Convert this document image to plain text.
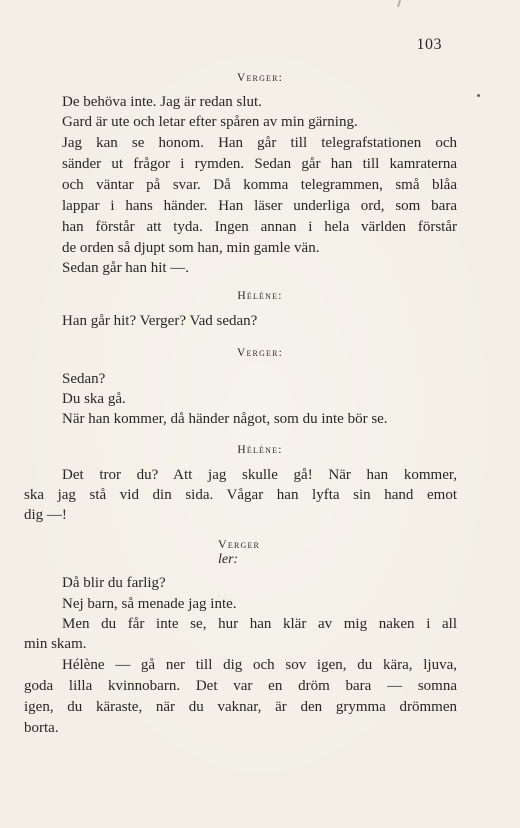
103
Verger:
De behöva inte. Jag är redan slut.
Gard är ute och letar efter spåren av min gärning.
Jag kan se honom. Han går till telegrafstationen och
sänder ut frågor i rymden. Sedan går han till kamraterna
och väntar på svar. Då komma telegrammen, små blåa
lappar i hans händer. Han läser underliga ord, som bara
han förstår att tyda. Ingen annan i hela världen förstår
de orden så djupt som han, min gamle vän.
Sedan går han hit —.
Hélène:
Han går hit? Verger? Vad sedan?
Verger:
Sedan?
Du ska gå.
När han kommer, då händer något, som du inte bör se.
Hélène:
Det tror du? Att jag skulle gå! När han kommer,
ska jag stå vid din sida. Vågar han lyfta sin hand emot
dig —!
Verger
ler:
Då blir du farlig?
Nej barn, så menade jag inte.
Men du får inte se, hur han klär av mig naken i all
min skam.
Hélène — gå ner till dig och sov igen, du kära, ljuva,
goda lilla kvinnobarn. Det var en dröm bara — somna
igen, du käraste, när du vaknar, är den grymma drömmen
borta.
